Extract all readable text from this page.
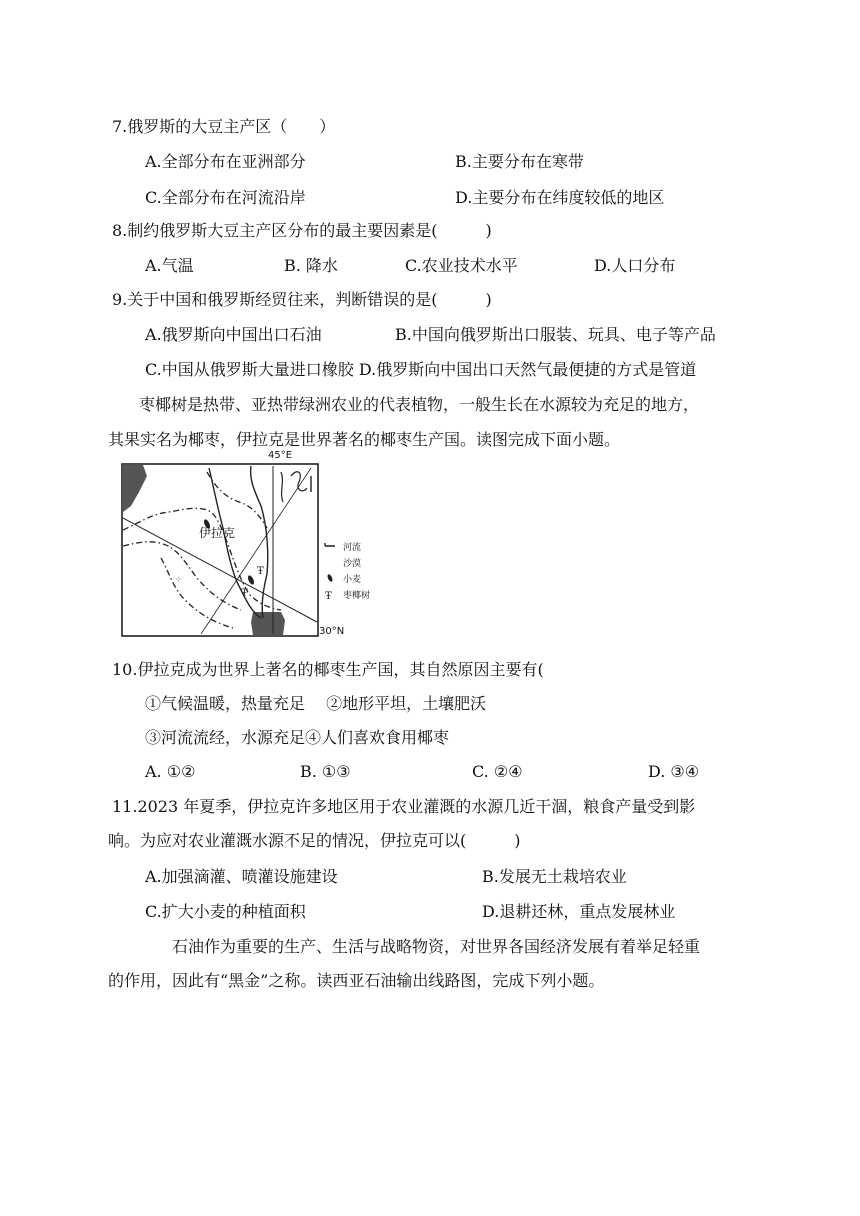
7.俄罗斯的大豆主产区（　　）
A.全部分布在亚洲部分	B.主要分布在寒带
C.全部分布在河流沿岸	D.主要分布在纬度较低的地区
8.制约俄罗斯大豆主产区分布的最主要因素是(　　　)
A.气温	B. 降水	C.农业技术水平	D.人口分布
9.关于中国和俄罗斯经贸往来，判断错误的是(　　　)
A.俄罗斯向中国出口石油	B.中国向俄罗斯出口服装、玩具、电子等产品
C.中国从俄罗斯大量进口橡胶 D.俄罗斯向中国出口天然气最便捷的方式是管道
枣椰树是热带、亚热带绿洲农业的代表植物，一般生长在水源较为充足的地方，
其果实名为椰枣，伊拉克是世界著名的椰枣生产国。读图完成下面小题。
Ŧ
Ŧ
⁘
伊拉克
30°N
河流
沙漠
小麦
Ŧ 枣椰树
45°E
10.伊拉克成为世界上著名的椰枣生产国，其自然原因主要有(
①气候温暖，热量充足　 ②地形平坦，土壤肥沃
③河流流经，水源充足④人们喜欢食用椰枣
A. ①②	B. ①③	C. ②④	D. ③④
11.2023 年夏季，伊拉克许多地区用于农业灌溉的水源几近干涸，粮食产量受到影
响。为应对农业灌溉水源不足的情况，伊拉克可以(　　　)
A.加强滴灌、喷灌设施建设	B.发展无土栽培农业
C.扩大小麦的种植面积	D.退耕还林，重点发展林业
石油作为重要的生产、生活与战略物资，对世界各国经济发展有着举足轻重
的作用，因此有“黑金”之称。读西亚石油输出线路图，完成下列小题。
